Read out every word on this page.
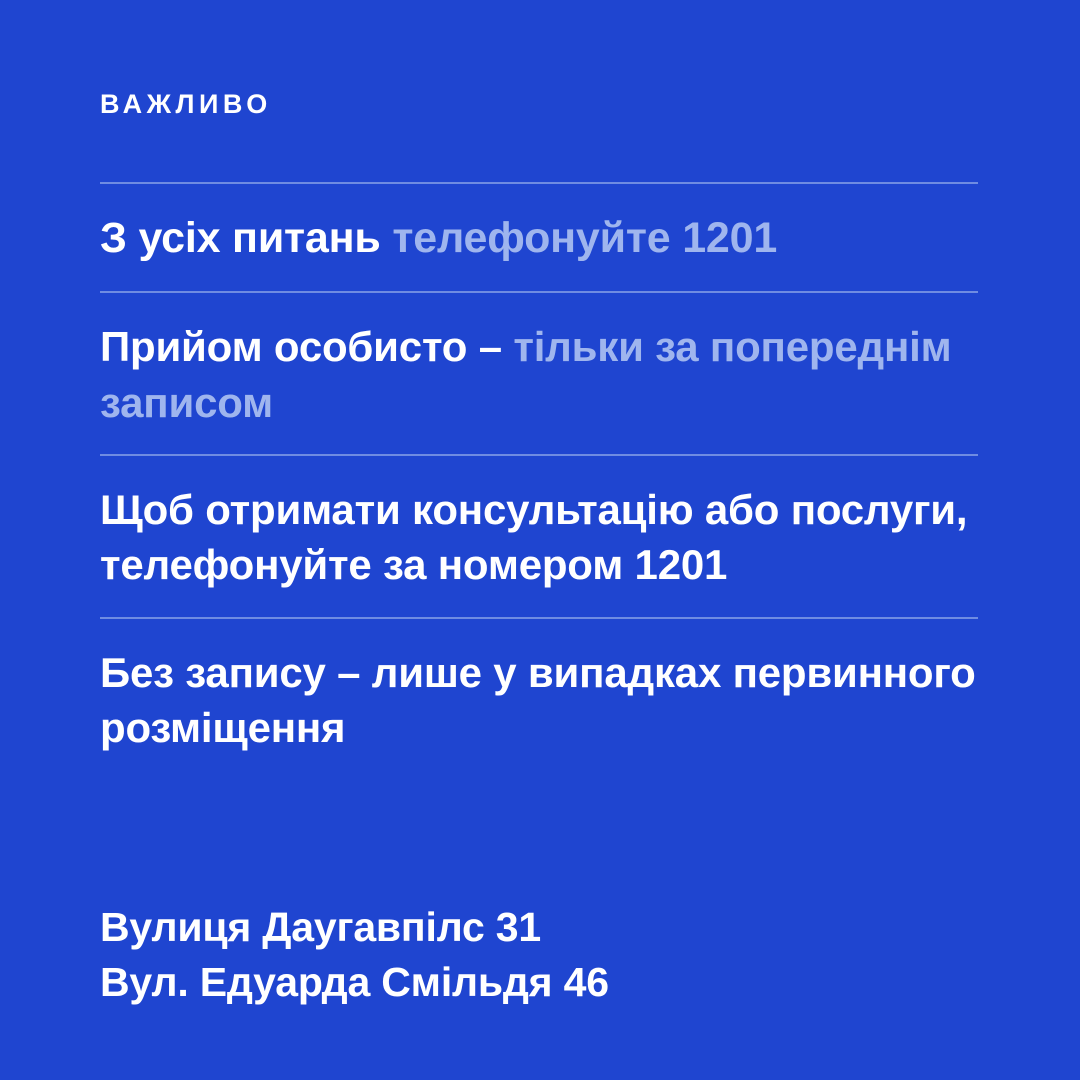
ВАЖЛИВО

З усіх питань телефонуйте 1201

Прийом особисто – тільки за попереднім записом

Щоб отримати консультацію або послуги, телефонуйте за номером 1201

Без запису – лише у випадках первинного розміщення

Вулиця Даугавпілс 31

Вул. Едуарда Смільдя 46
